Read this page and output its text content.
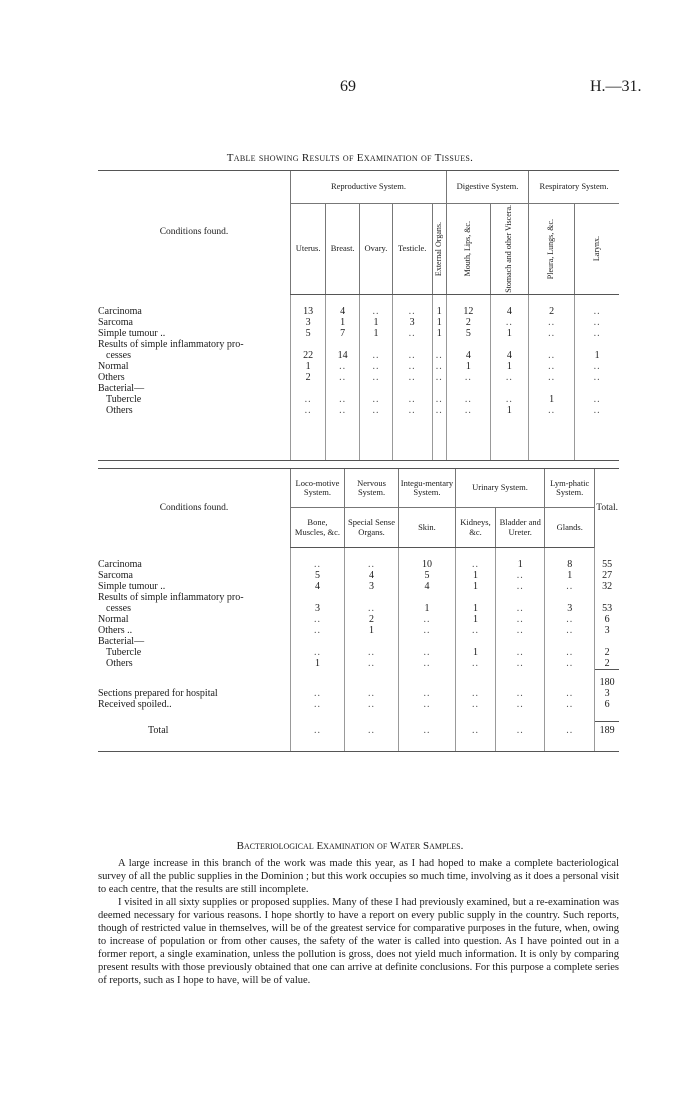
69	H.—31.
Table showing Results of Examination of Tissues.
Conditions found.	Reproductive System.					Digestive System.		Respiratory System.	
	Uterus.	Breast.	Ovary.	Testicle.	External Organs.	Mouth, Lips, &c.	Stomach and other Viscera.	Pleura, Lungs, &c.	Larynx.

Carcinoma	13	4	..	..	1	12	4	2	..
Sarcoma	3	1	1	3	1	2	..	..	..
Simple tumour ..	5	7	1	..	1	5	1	..	..
Results of simple inflammatory pro-									
cesses	22	14	..	..	..	4	4	..	1
Normal	1	..	..	..	..	1	1	..	..
Others	2	..	..	..	..	..	..	..	..
Bacterial—									
Tubercle	..	..	..	..	..	..	..	1	..
Others	..	..	..	..	..	..	1	..	..

Conditions found.	Loco-motive System.	Nervous System.	Integu-mentary System.	Urinary System.		Lym-phatic System.	Total.
	Bone, Muscles, &c.	Special Sense Organs.	Skin.	Kidneys, &c.	Bladder and Ureter.	Glands.	

Carcinoma	..	..	10	..	1	8	55
Sarcoma	5	4	5	1	..	1	27
Simple tumour ..	4	3	4	1	..	..	32
Results of simple inflammatory pro-							
cesses	3	..	1	1	..	3	53
Normal	..	2	..	1	..	..	6
Others ..	..	1	..	..	..	..	3
Bacterial—							
Tubercle	..	..	..	1	..	..	2
Others	1	..	..	..	..	..	2
							180
Sections prepared for hospital	..	..	..	..	..	..	3
Received spoiled..	..	..	..	..	..	..	6

Total	..	..	..	..	..	..	189

Bacteriological Examination of Water Samples.

A large increase in this branch of the work was made this year, as I had hoped to make a complete bacteriological survey of all the public supplies in the Dominion ; but this work occupies so much time, involving as it does a personal visit to each centre, that the results are still incomplete.

I visited in all sixty supplies or proposed supplies. Many of these I had previously examined, but a re-examination was deemed necessary for various reasons. I hope shortly to have a report on every public supply in the country. Such reports, though of restricted value in themselves, will be of the greatest service for comparative purposes in the future, when, owing to increase of population or from other causes, the safety of the water is called into question. As I have pointed out in a former report, a single examination, unless the pollution is gross, does not yield much information. It is only by comparing present results with those previously obtained that one can arrive at definite conclusions. For this purpose a complete series of reports, such as I hope to have, will be of value.
